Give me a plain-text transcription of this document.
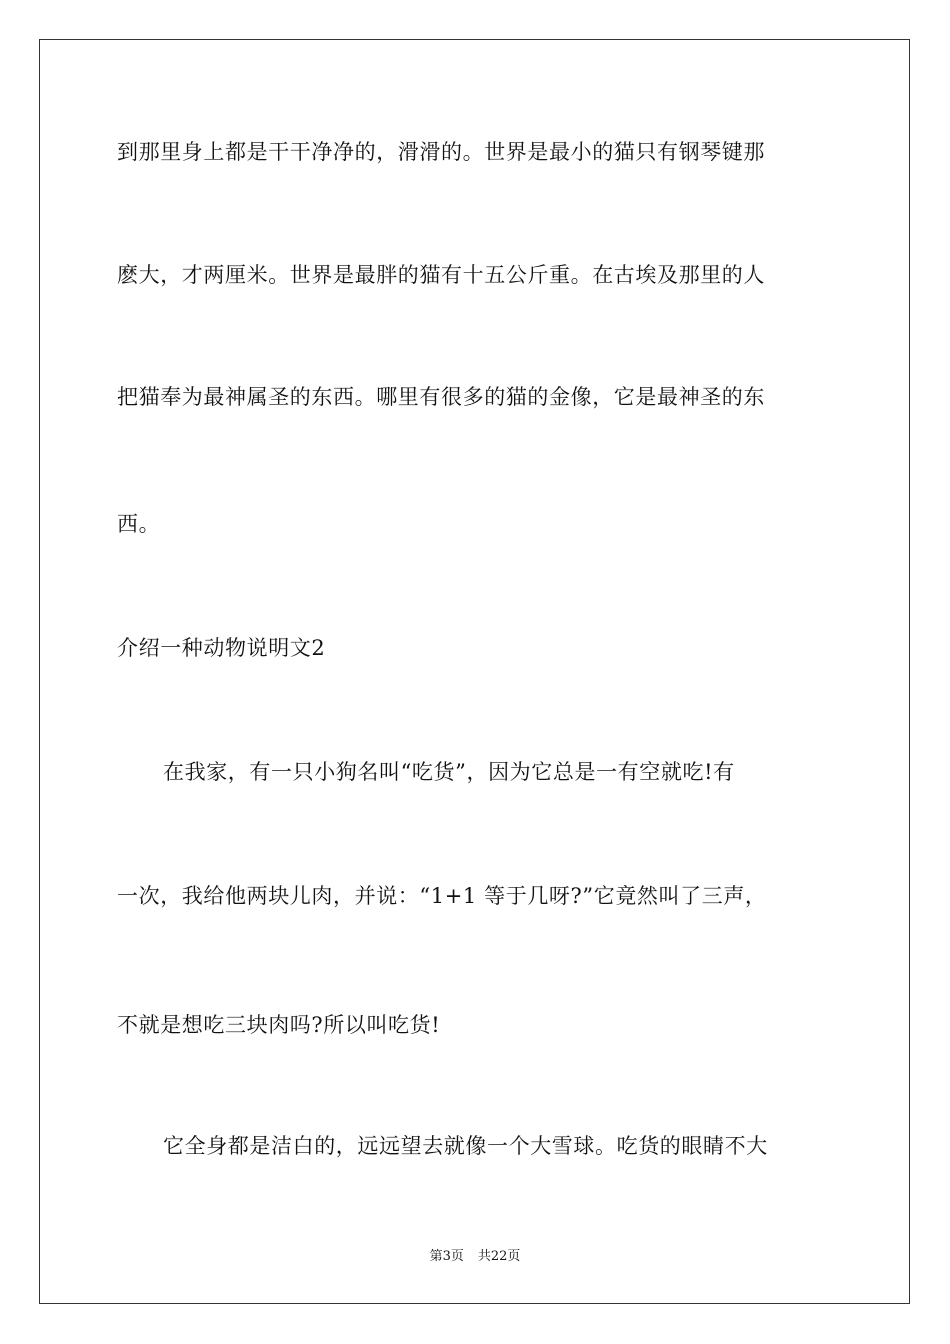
到那里身上都是干干净净的，滑滑的。世界是最小的猫只有钢琴键那
麽大，才两厘米。世界是最胖的猫有十五公斤重。在古埃及那里的人
把猫奉为最神属圣的东西。哪里有很多的猫的金像，它是最神圣的东
西。
介绍一种动物说明文2
在我家，有一只小狗名叫“吃货”，因为它总是一有空就吃!有
一次，我给他两块儿肉，并说：“1+1 等于几呀?”它竟然叫了三声，
不就是想吃三块肉吗?所以叫吃货!
它全身都是洁白的，远远望去就像一个大雪球。吃货的眼睛不大
第3页 共22页
